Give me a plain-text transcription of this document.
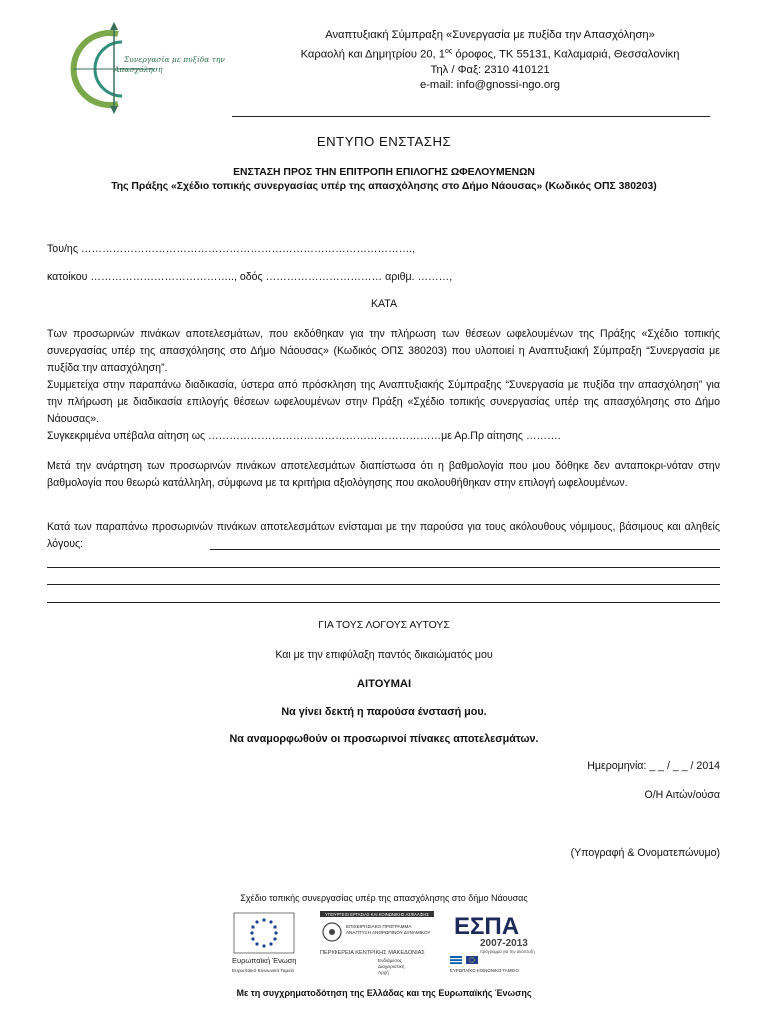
Συνεργασία με πυξίδα την
Απασχόληση
Αναπτυξιακή Σύμπραξη «Συνεργασία με πυξίδα την Απασχόληση»
Καραολή και Δημητρίου 20, $1^{o\varsigma}$ όροφος, ΤΚ 55131, Καλαμαριά, Θεσσαλονίκη
Τηλ / Φαξ: 2310 410121
e-mail: info@gnossi-ngo.org
ΕΝΤΥΠΟ ΕΝΣΤΑΣΗΣ
ΕΝΣΤΑΣΗ ΠΡΟΣ ΤΗΝ ΕΠΙΤΡΟΠΗ ΕΠΙΛΟΓΗΣ ΩΦΕΛΟΥΜΕΝΩΝ
Της Πράξης «Σχέδιο τοπικής συνεργασίας υπέρ της απασχόλησης στο Δήμο Νάουσας» (Κωδικός ΟΠΣ 380203)
Του/ης ………………………………………………………………………………….,
κατοίκου ………………………………….., οδός …………………………… αριθμ. ………,
ΚΑΤΑ
Των προσωρινών πινάκων αποτελεσμάτων, που εκδόθηκαν για την πλήρωση των θέσεων ωφελουμένων της Πράξης «Σχέδιο τοπικής συνεργασίας υπέρ της απασχόλησης στο Δήμο Νάουσας» (Κωδικός ΟΠΣ 380203) που υλοποιεί η Αναπτυξιακή Σύμπραξη “Συνεργασία με πυξίδα την απασχόληση”.
Συμμετείχα στην παραπάνω διαδικασία, ύστερα από πρόσκληση της Αναπτυξιακής Σύμπραξης “Συνεργασία με πυξίδα την απασχόληση” για την πλήρωση με διαδικασία επιλογής θέσεων ωφελουμένων στην Πράξη «Σχέδιο τοπικής συνεργασίας υπέρ της απασχόλησης στο Δήμο Νάουσας».
Συγκεκριμένα υπέβαλα αίτηση ως …………………………………………………………με Αρ.Πρ αίτησης ……….
Μετά την ανάρτηση των προσωρινών πινάκων αποτελεσμάτων διαπίστωσα ότι η βαθμολογία που μου δόθηκε δεν ανταποκρι-νόταν στην βαθμολογία που θεωρώ κατάλληλη, σύμφωνα με τα κριτήρια αξιολόγησης που ακολουθήθηκαν στην επιλογή ωφελουμένων.
Κατά των παραπάνω προσωρινών πινάκων αποτελεσμάτων ενίσταμαι με την παρούσα για τους ακόλουθους νόμιμους, βάσιμους και αληθείς λόγους:
ΓΙΑ ΤΟΥΣ ΛΟΓΟΥΣ ΑΥΤΟΥΣ
Και με την επιφύλαξη παντός δικαιώματός μου
ΑΙΤΟΥΜΑΙ
Να γίνει δεκτή η παρούσα ένστασή μου.
Να αναμορφωθούν οι προσωρινοί πίνακες αποτελεσμάτων.
Ημερομηνία: _ _ / _ _ / 2014
Ο/Η Αιτών/ούσα
(Υπογραφή & Ονοματεπώνυμο)
Σχέδιο τοπικής συνεργασίας υπέρ της απασχόλησης στο δήμο Νάουσας
Ευρωπαϊκή Ένωση
Ευρωπαϊκό Κοινωνικό Ταμείο
ΥΠΟΥΡΓΕΙΟ ΕΡΓΑΣΙΑΣ ΚΑΙ ΚΟΙΝΩΝΙΚΗΣ ΑΣΦΑΛΙΣΗΣ
ΕΠΙΧΕΙΡΗΣΙΑΚΟ ΠΡΟΓΡΑΜΜΑ
ΑΝΑΠΤΥΞΗ ΑΝΘΡΩΠΙΝΟΥ ΔΥΝΑΜΙΚΟΥ
ΠΕΡΙΦΕΡΕΙΑ ΚΕΝΤΡΙΚΗΣ ΜΑΚΕΔΟΝΙΑΣ
Ενδιάμεσος
Διαχειριστική
Αρχή
ΕΣΠΑ
2007-2013
πρόγραμμα για την ανάπτυξη
ΕΥΡΩΠΑΪΚΟ ΚΟΙΝΩΝΙΚΟ ΤΑΜΕΙΟ
Με τη συγχρηματοδότηση της Ελλάδας και της Ευρωπαϊκής Ένωσης
